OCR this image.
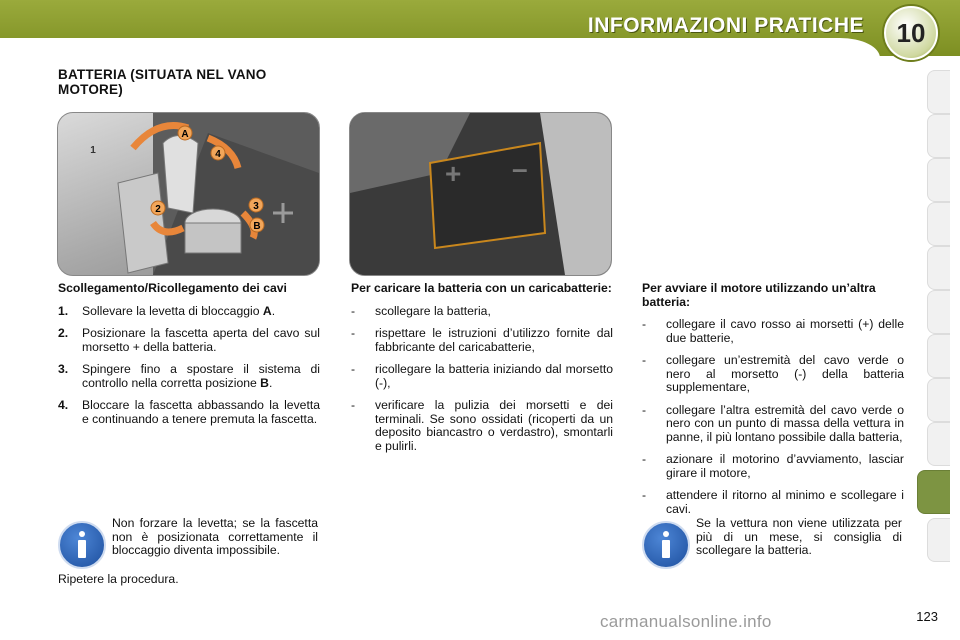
INFORMAZIONI PRATICHE	10
BATTERIA (SITUATA NEL VANO MOTORE)
A
4
2	3
B
1
+ –
Scollegamento/Ricollegamento dei cavi
1. Sollevare la levetta di bloccaggio A.
2. Posizionare la fascetta aperta del cavo sul morsetto + della batteria.
3. Spingere fino a spostare il sistema di controllo nella corretta posizione B.
4. Bloccare la fascetta abbassando la levetta e continuando a tenere premuta la fascetta.
Per caricare la batteria con un caricabatterie:
- scollegare la batteria,
- rispettare le istruzioni d’utilizzo fornite dal fabbricante del caricabatterie,
- ricollegare la batteria iniziando dal morsetto (-),
- verificare la pulizia dei morsetti e dei terminali. Se sono ossidati (ricoperti da un deposito biancastro o verdastro), smontarli e pulirli.
Per avviare il motore utilizzando un’altra batteria:
- collegare il cavo rosso ai morsetti (+) delle due batterie,
- collegare un’estremità del cavo verde o nero al morsetto (-) della batteria supplementare,
- collegare l’altra estremità del cavo verde o nero con un punto di massa della vettura in panne, il più lontano possibile dalla batteria,
- azionare il motorino d’avviamento, lasciar girare il motore,
- attendere il ritorno al minimo e scollegare i cavi.
Non forzare la levetta; se la fascetta non è posizionata correttamente il bloccaggio diventa impossibile.
Ripetere la procedura.
Se la vettura non viene utilizzata per più di un mese, si consiglia di scollegare la batteria.
carmanualsonline.info	123
